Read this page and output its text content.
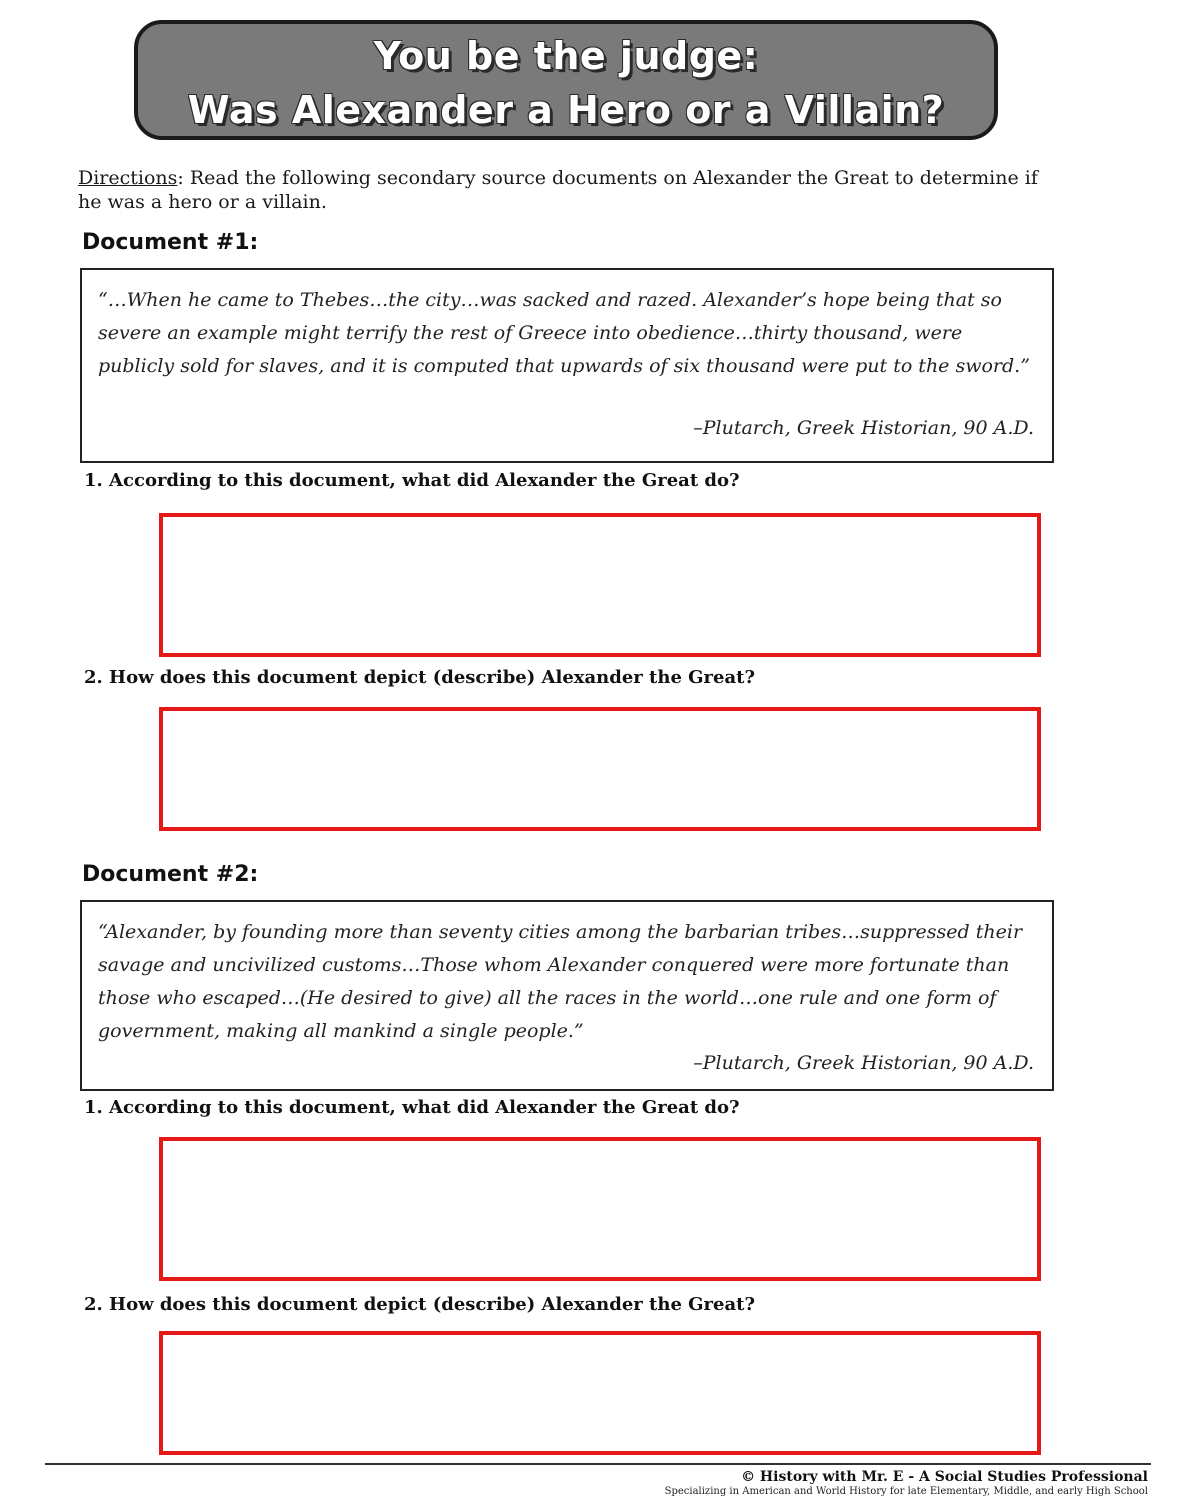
You be the judge:
Was Alexander a Hero or a Villain?
Directions: Read the following secondary source documents on Alexander the Great to determine if he was a hero or a villain.
Document #1:
“…When he came to Thebes…the city…was sacked and razed. Alexander’s hope being that so severe an example might terrify the rest of Greece into obedience…thirty thousand, were publicly sold for slaves, and it is computed that upwards of six thousand were put to the sword.”
–Plutarch, Greek Historian, 90 A.D.
1. According to this document, what did Alexander the Great do?
2. How does this document depict (describe) Alexander the Great?
Document #2:
“Alexander, by founding more than seventy cities among the barbarian tribes…suppressed their savage and uncivilized customs…Those whom Alexander conquered were more fortunate than those who escaped…(He desired to give) all the races in the world…one rule and one form of government, making all mankind a single people.”
–Plutarch, Greek Historian, 90 A.D.
1. According to this document, what did Alexander the Great do?
2. How does this document depict (describe) Alexander the Great?
© History with Mr. E - A Social Studies Professional
Specializing in American and World History for late Elementary, Middle, and early High School
